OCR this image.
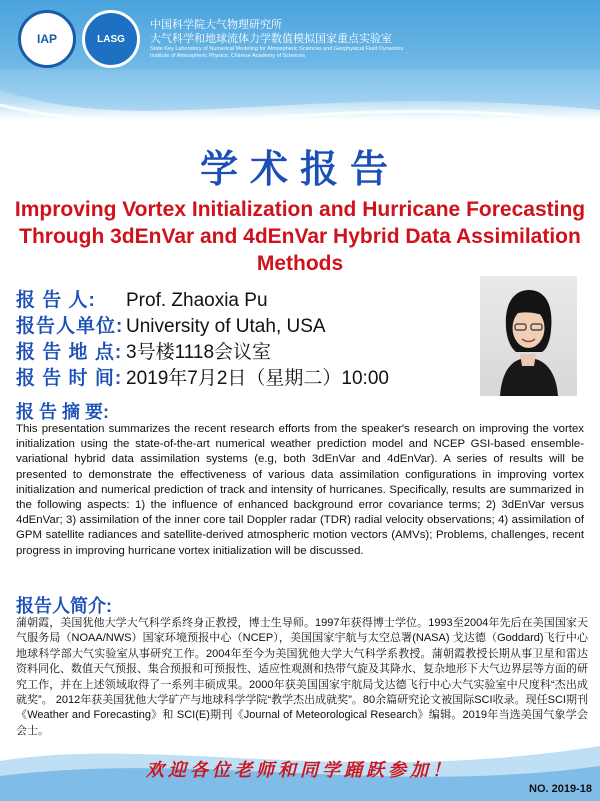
IAP	LASG
中国科学院大气物理研究所
大气科学和地球流体力学数值模拟国家重点实验室
State Key Laboratory of Numerical Modeling for Atmospheric Sciences and Geophysical Fluid Dynamics
Institute of Atmospheric Physics, Chinese Academy of Sciences
学术报告
Improving Vortex Initialization and Hurricane Forecasting Through 3dEnVar and 4dEnVar Hybrid Data Assimilation Methods
报 告 人:	Prof. Zhaoxia Pu
报告人单位: University of Utah, USA
报 告 地 点: 3号楼1118会议室
报 告 时 间: 2019年7月2日（星期二）10:00
报 告 摘 要:
This presentation summarizes the recent research efforts from the speaker's research on improving the vortex initialization using the state-of-the-art numerical weather prediction model and NCEP GSI-based ensemble-variational hybrid data assimilation systems (e.g, both 3dEnVar and 4dEnVar). A series of results will be presented to demonstrate the effectiveness of various data assimilation configurations in improving vortex initialization and numerical prediction of track and intensity of hurricanes. Specifically, results are summarized in the following aspects: 1) the influence of enhanced background error covariance terms; 2) 3dEnVar versus 4dEnVar; 3) assimilation of the inner core tail Doppler radar (TDR) radial velocity observations; 4) assimilation of GPM satellite radiances and satellite-derived atmospheric motion vectors (AMVs); Problems, challenges, recent progress in improving hurricane vortex initialization will be discussed.
报告人简介:
蒲朝霞，美国犹他大学大气科学系终身正教授，博士生导师。1997年获得博士学位。1993至2004年先后在美国国家天气服务局（NOAA/NWS）国家环境预报中心（NCEP），美国国家宇航与太空总署(NASA) 戈达德（Goddard)飞行中心地球科学部大气实验室从事研究工作。2004年至今为美国犹他大学大气科学系教授。蒲朝霞教授长期从事卫星和雷达资料同化、数值天气预报、集合预报和可预报性、适应性观测和热带气旋及其降水、复杂地形下大气边界层等方面的研究工作，并在上述领域取得了一系列丰硕成果。2000年获美国国家宇航局戈达德飞行中心大气实验室中尺度科“杰出成就奖”。 2012年获美国犹他大学矿产与地球科学学院“教学杰出成就奖”。80余篇研究论文被国际SCI收录。现任SCI期刊《Weather and Forecasting》和 SCI(E)期刊《Journal of Meteorological Research》编辑。2019年当选美国气象学会会士。
欢迎各位老师和同学踊跃参加！
NO. 2019-18
